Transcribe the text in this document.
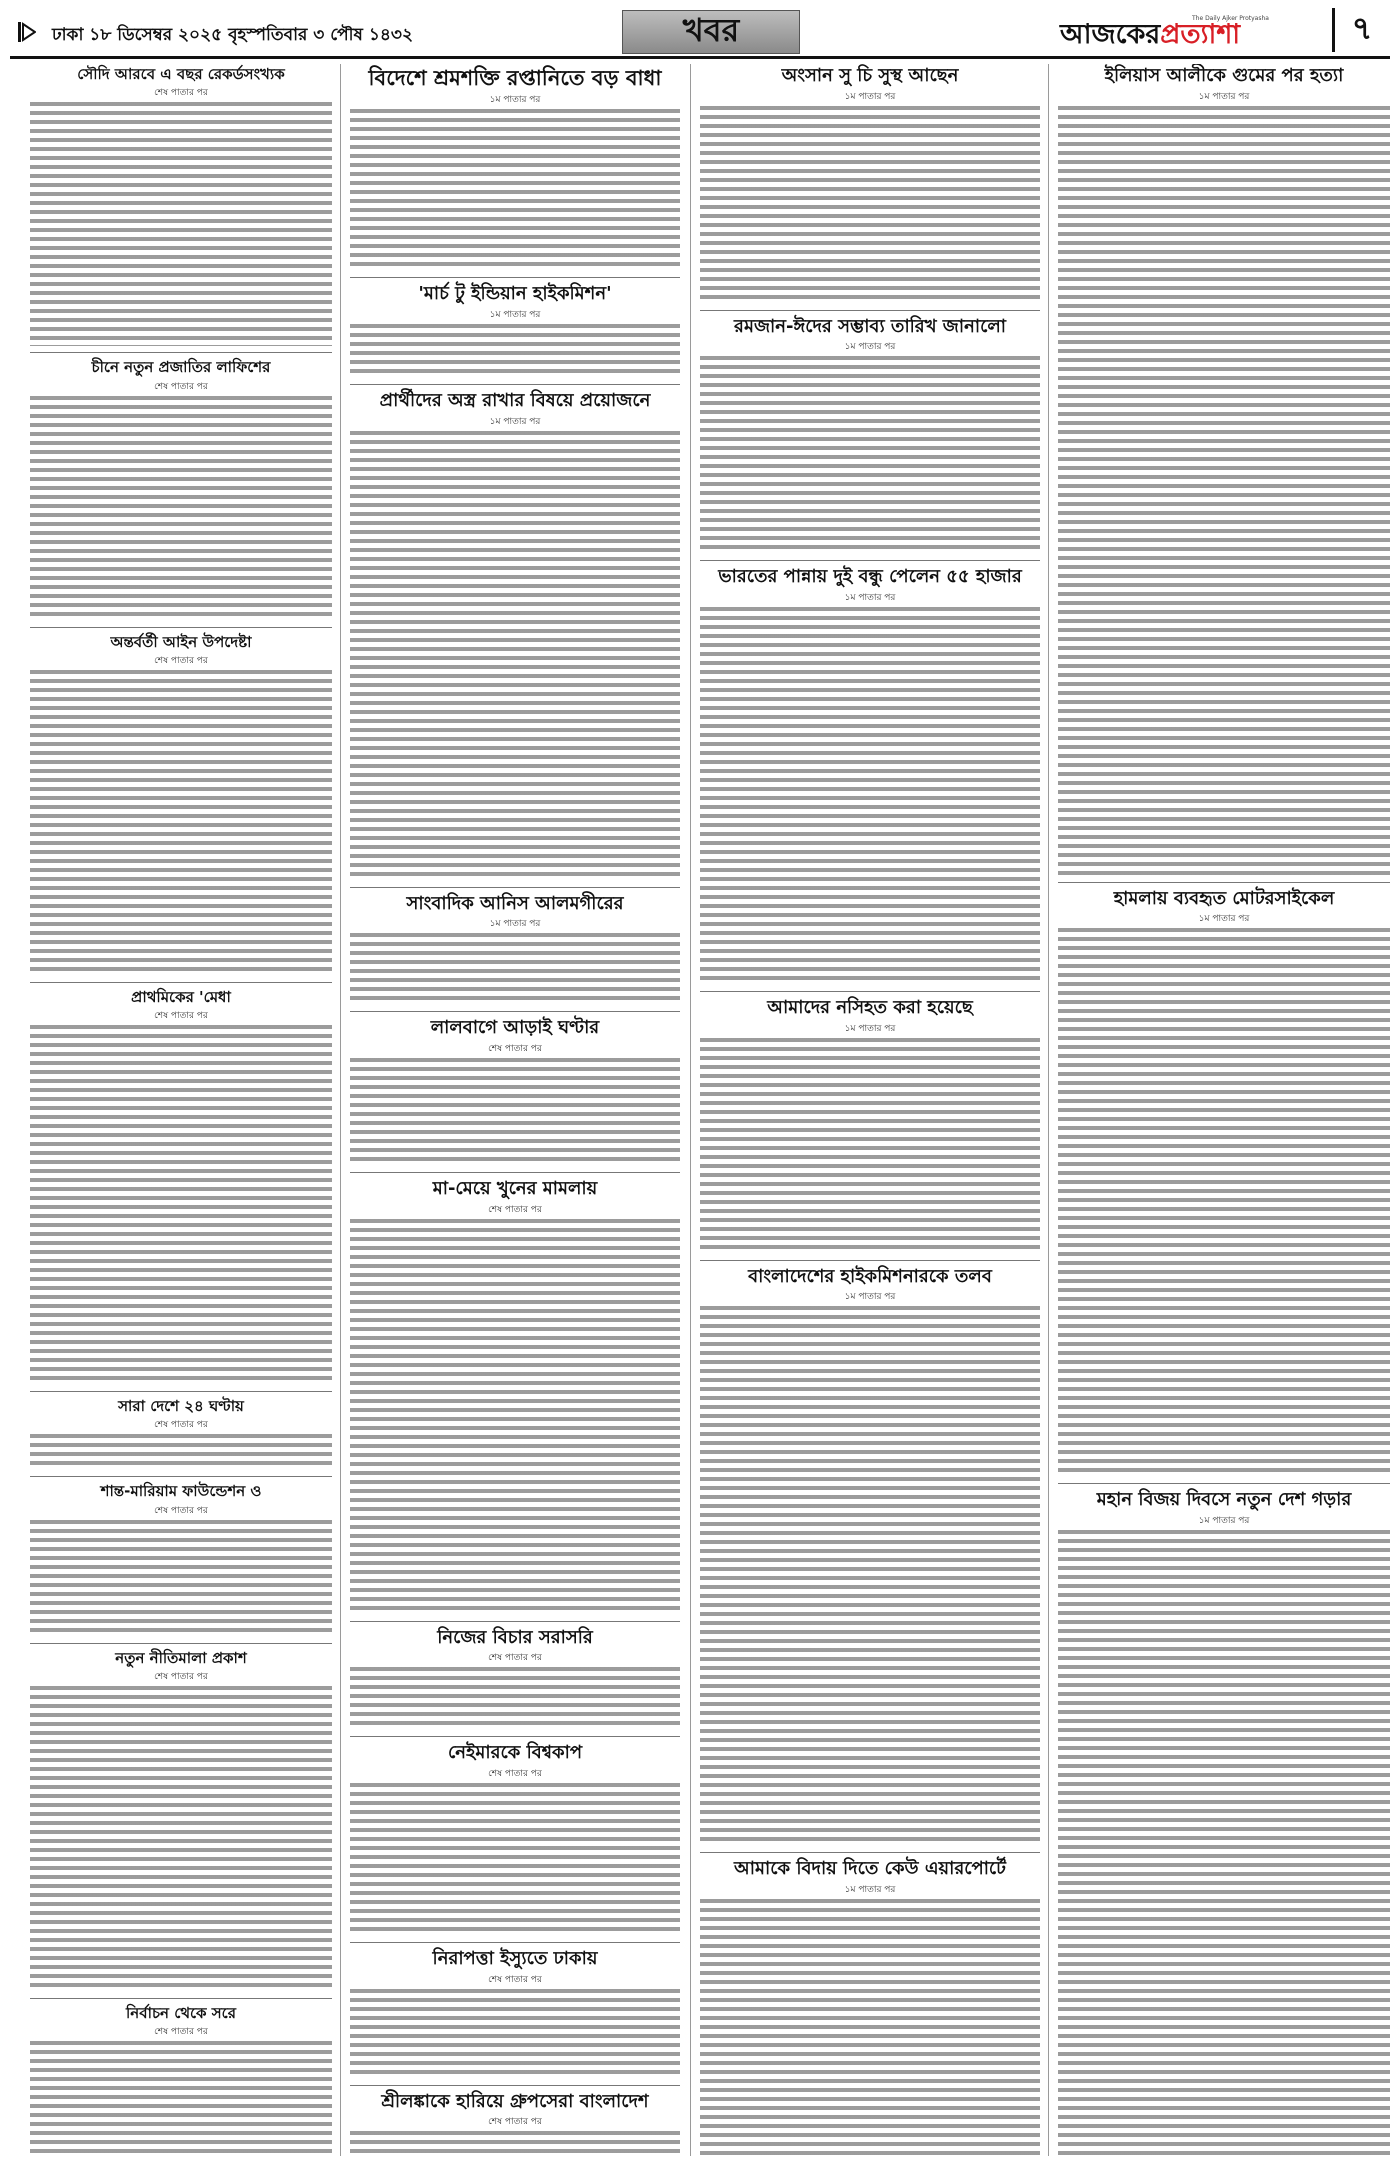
ঢাকা ১৮ ডিসেম্বর ২০২৫ বৃহস্পতিবার ৩ পৌষ ১৪৩২	খবর	আজকেরপ্রত্যাশা
The Daily Ajker Protyasha	৭
সৌদি আরবে এ বছর রেকর্ডসংখ্যক
শেষ পাতার পর
চীনে নতুন প্রজাতির লাফিশের
শেষ পাতার পর
অন্তর্বর্তী আইন উপদেষ্টা
শেষ পাতার পর
প্রাথমিকের 'মেধা
শেষ পাতার পর
সারা দেশে ২৪ ঘণ্টায়
শেষ পাতার পর
শান্ত-মারিয়াম ফাউন্ডেশন ও
শেষ পাতার পর
নতুন নীতিমালা প্রকাশ
শেষ পাতার পর
নির্বাচন থেকে সরে
শেষ পাতার পর
বিদেশে শ্রমশক্তি রপ্তানিতে বড় বাধা
১ম পাতার পর
'মার্চ টু ইন্ডিয়ান হাইকমিশন'
১ম পাতার পর
প্রার্থীদের অস্ত্র রাখার বিষয়ে প্রয়োজনে
১ম পাতার পর
সাংবাদিক আনিস আলমগীরের
১ম পাতার পর
লালবাগে আড়াই ঘণ্টার
শেষ পাতার পর
মা-মেয়ে খুনের মামলায়
শেষ পাতার পর
নিজের বিচার সরাসরি
শেষ পাতার পর
নেইমারকে বিশ্বকাপ
শেষ পাতার পর
নিরাপত্তা ইস্যুতে ঢাকায়
শেষ পাতার পর
শ্রীলঙ্কাকে হারিয়ে গ্রুপসেরা বাংলাদেশ
শেষ পাতার পর
অংসান সু চি সুস্থ আছেন
১ম পাতার পর
রমজান-ঈদের সম্ভাব্য তারিখ জানালো
১ম পাতার পর
ভারতের পান্নায় দুই বন্ধু পেলেন ৫৫ হাজার
১ম পাতার পর
আমাদের নসিহত করা হয়েছে
১ম পাতার পর
বাংলাদেশের হাইকমিশনারকে তলব
১ম পাতার পর
আমাকে বিদায় দিতে কেউ এয়ারপোর্টে
১ম পাতার পর
ইলিয়াস আলীকে গুমের পর হত্যা
১ম পাতার পর
হামলায় ব্যবহৃত মোটরসাইকেল
১ম পাতার পর
মহান বিজয় দিবসে নতুন দেশ গড়ার
১ম পাতার পর
